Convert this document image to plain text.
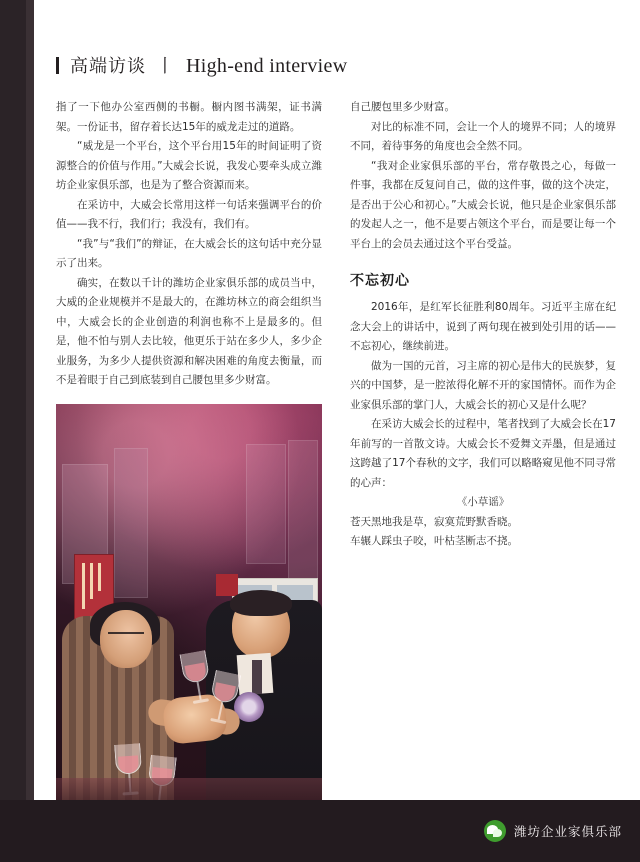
高端访谈 丨 High-end interview

指了一下他办公室西侧的书橱。橱内图书满架，证书满架。一份证书，留存着长达15年的威龙走过的道路。

“威龙是一个平台，这个平台用15年的时间证明了资源整合的价值与作用。”大威会长说，我发心要牵头成立潍坊企业家俱乐部，也是为了整合资源而来。

在采访中，大威会长常用这样一句话来强调平台的价值——我不行，我们行；我没有，我们有。

“我”与“我们”的辩证，在大威会长的这句话中充分显示了出来。

确实，在数以千计的潍坊企业家俱乐部的成员当中，大威的企业规模并不是最大的，在潍坊林立的商会组织当中，大威会长的企业创造的利润也称不上是最多的。但是，他不怕与别人去比较，他更乐于站在多少人，多少企业服务，为多少人提供资源和解决困难的角度去衡量，而不是着眼于自己到底装到自己腰包里多少财富。

自己腰包里多少财富。

对比的标准不同，会让一个人的境界不同；人的境界不同，着待事务的角度也会全然不同。

“我对企业家俱乐部的平台，常存敬畏之心，每做一件事，我都在反复问自己，做的这件事，做的这个决定，是否出于公心和初心。”大威会长说，他只是企业家俱乐部的发起人之一，他不是要占领这个平台，而是要让每一个平台上的会员去通过这个平台受益。

不忘初心

2016年，是红军长征胜利80周年。习近平主席在纪念大会上的讲话中，说到了两句现在被到处引用的话——不忘初心，继续前进。

做为一国的元首，习主席的初心是伟大的民族梦，复兴的中国梦，是一腔浓得化解不开的家国情怀。而作为企业家俱乐部的掌门人，大威会长的初心又是什么呢？

在采访大威会长的过程中，笔者找到了大威会长在17年前写的一首散文诗。大威会长不爱舞文弄墨，但是通过这跨越了17个春秋的文字，我们可以略略窥见他不同寻常的心声：

《小草谣》

苍天黑地我是草，寂寞荒野默香晓。

车辗人踩虫子咬，叶枯茎断志不挠。

潍坊企业家俱乐部
